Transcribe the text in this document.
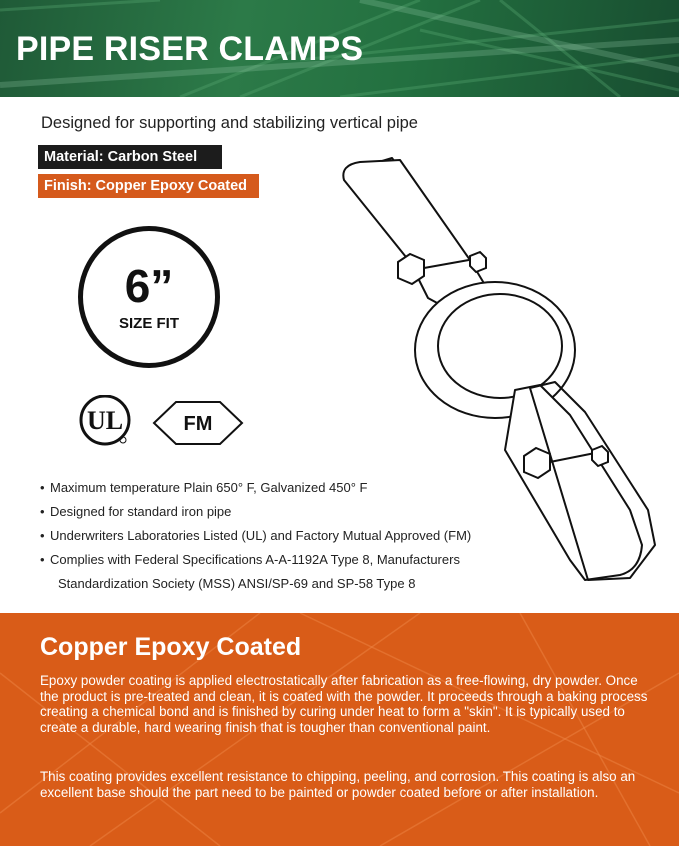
PIPE RISER CLAMPS
Designed for supporting and stabilizing vertical pipe
Material: Carbon Steel
Finish: Copper Epoxy Coated
6”
SIZE FIT
UL	FM
• Maximum temperature Plain 650° F, Galvanized 450° F
• Designed for standard iron pipe
• Underwriters Laboratories Listed (UL) and Factory Mutual Approved (FM)
• Complies with Federal Specifications A-A-1192A Type 8, Manufacturers
Standardization Society (MSS) ANSI/SP-69 and SP-58 Type 8
Copper Epoxy Coated

Epoxy powder coating is applied electrostatically after fabrication as a free-flowing, dry powder. Once the product is pre-treated and clean, it is coated with the powder. It proceeds through a baking process creating a chemical bond and is finished by curing under heat to form a "skin". It is typically used to create a durable, hard wearing finish that is tougher than conventional paint.

This coating provides excellent resistance to chipping, peeling, and corrosion. This coating is also an excellent base should the part need to be painted or powder coated before or after installation.
